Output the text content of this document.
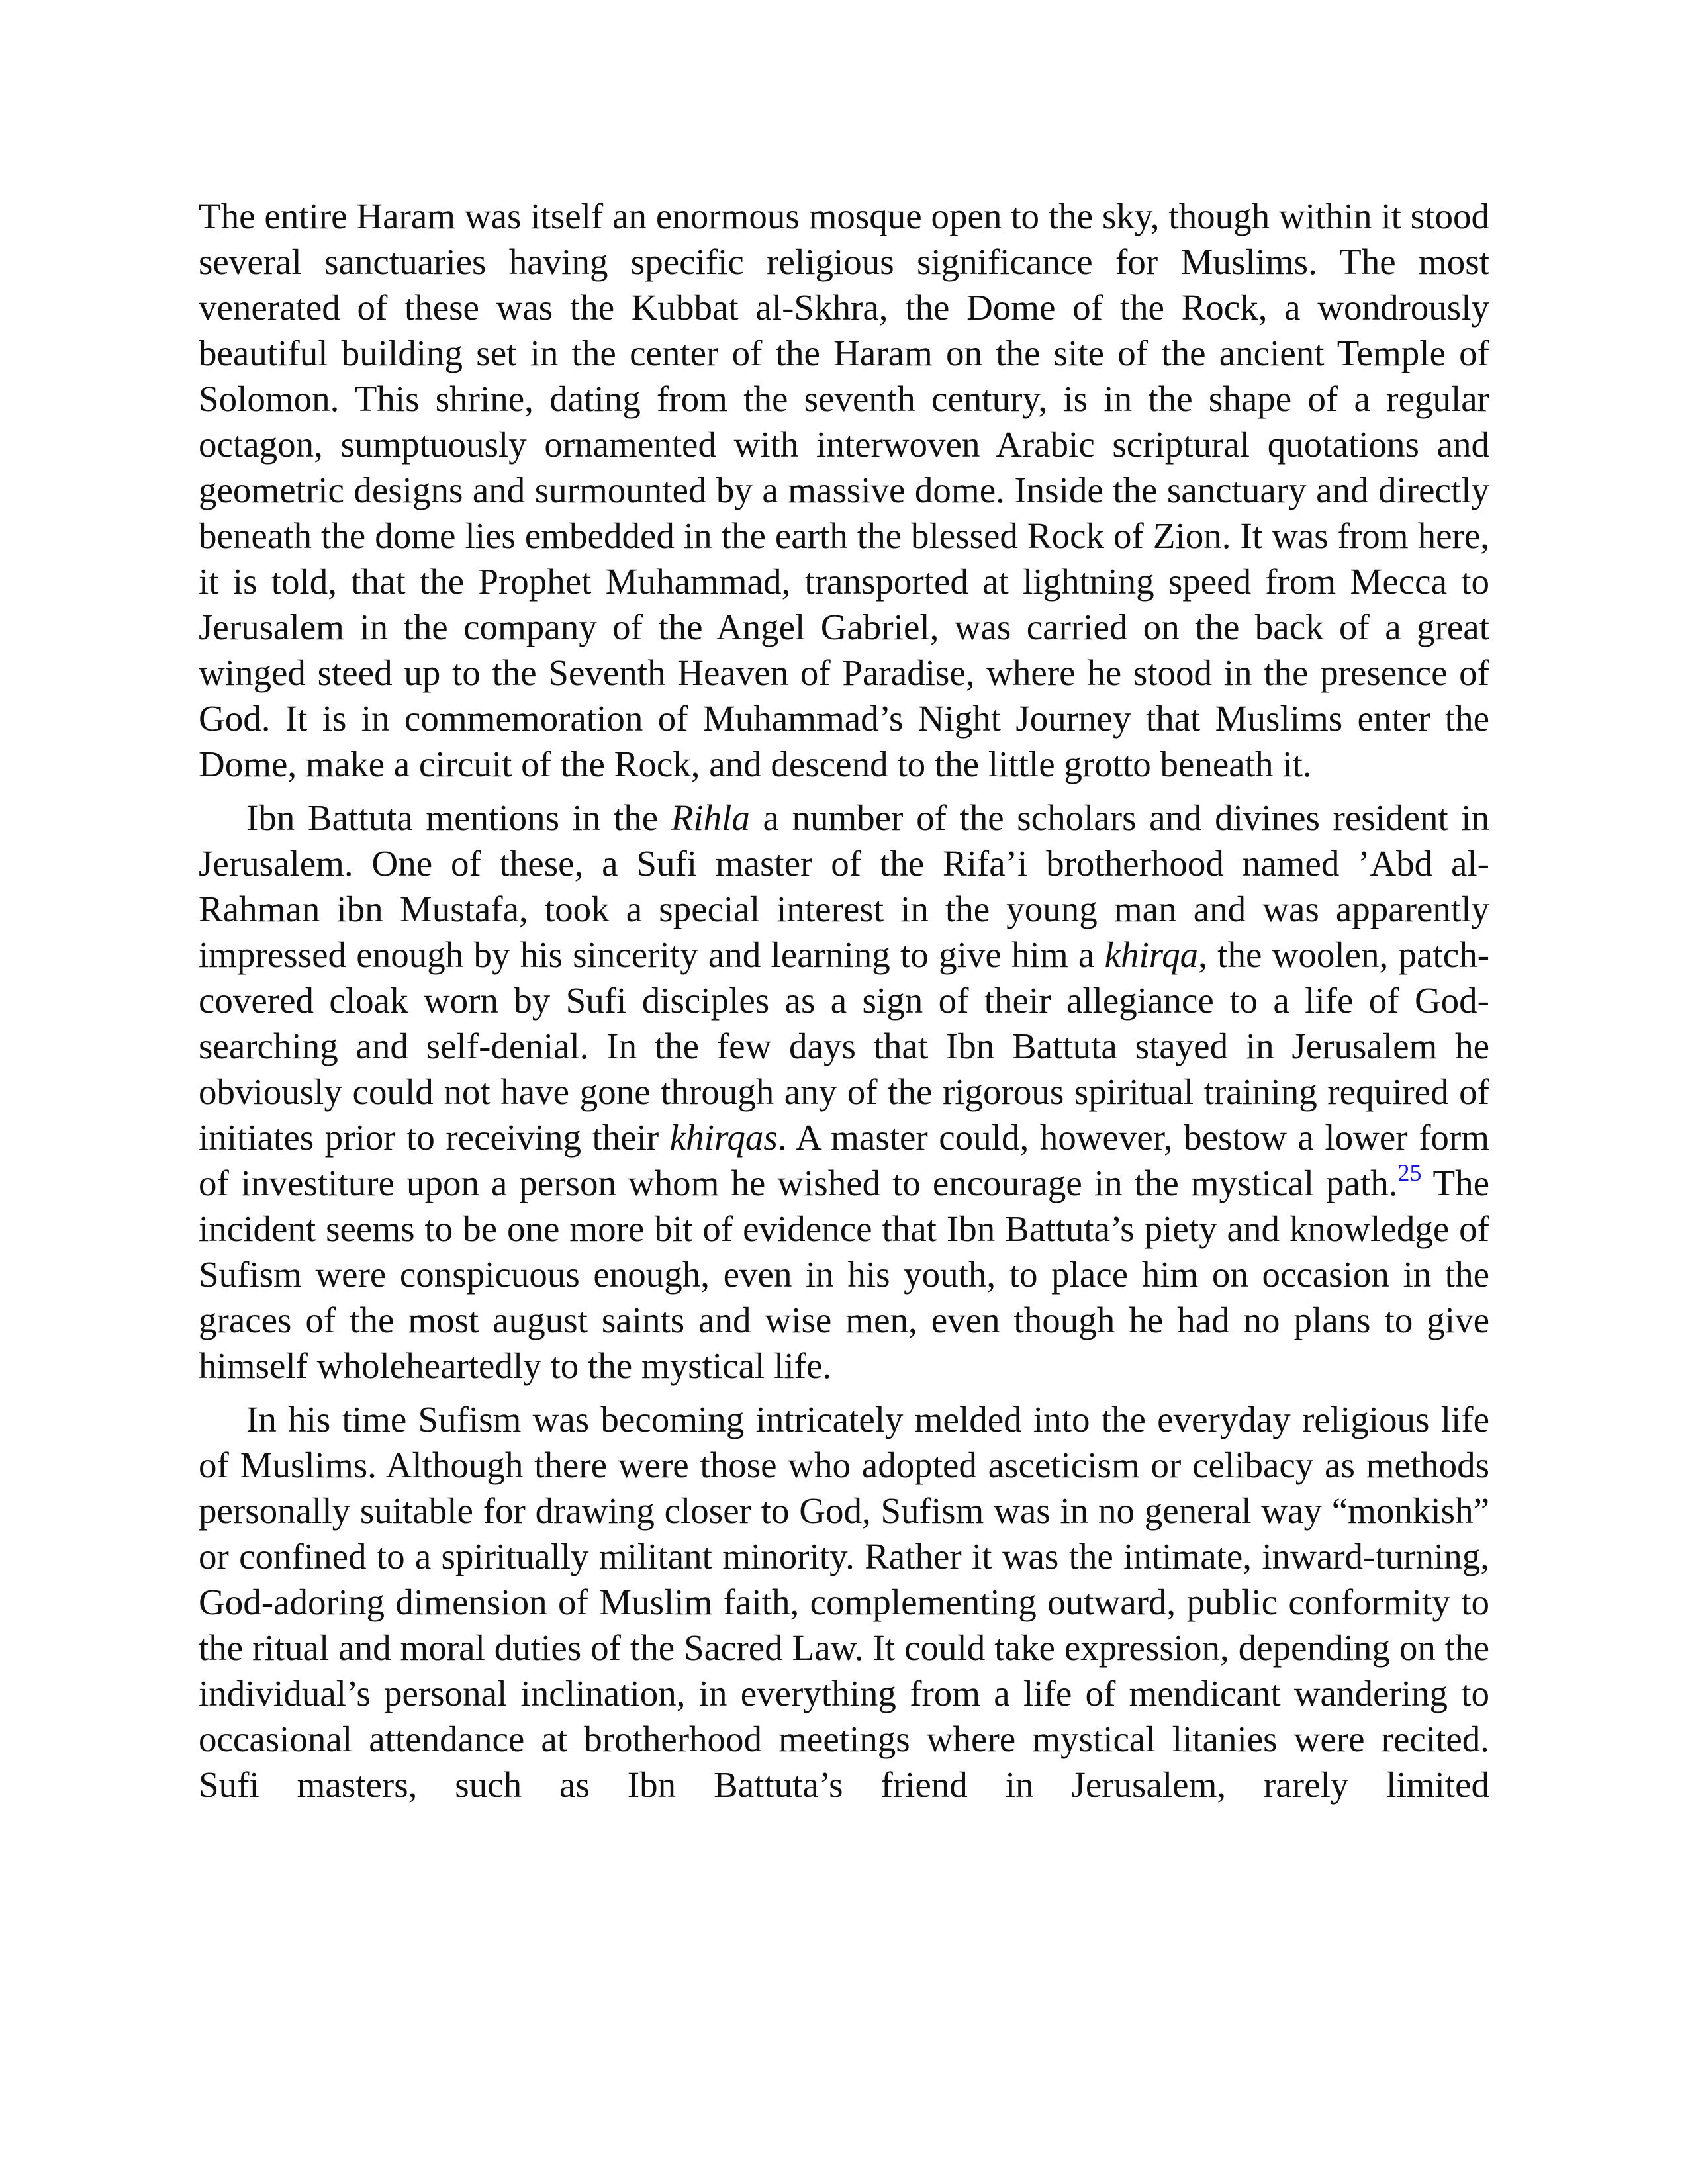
The entire Haram was itself an enormous mosque open to the sky, though within it stood several sanctuaries having specific religious significance for Muslims. The most venerated of these was the Kubbat al-Skhra, the Dome of the Rock, a wondrously beautiful building set in the center of the Haram on the site of the ancient Temple of Solomon. This shrine, dating from the seventh century, is in the shape of a regular octagon, sumptuously ornamented with interwoven Arabic scriptural quotations and geometric designs and surmounted by a massive dome. Inside the sanctuary and directly beneath the dome lies embedded in the earth the blessed Rock of Zion. It was from here, it is told, that the Prophet Muhammad, transported at lightning speed from Mecca to Jerusalem in the company of the Angel Gabriel, was carried on the back of a great winged steed up to the Seventh Heaven of Paradise, where he stood in the presence of God. It is in commemoration of Muhammad’s Night Journey that Muslims enter the Dome, make a circuit of the Rock, and descend to the little grotto beneath it.

Ibn Battuta mentions in the Rihla a number of the scholars and divines resident in Jerusalem. One of these, a Sufi master of the Rifa’i brotherhood named ’Abd al-Rahman ibn Mustafa, took a special interest in the young man and was apparently impressed enough by his sincerity and learning to give him a khirqa, the woolen, patch-covered cloak worn by Sufi disciples as a sign of their allegiance to a life of God-searching and self-denial. In the few days that Ibn Battuta stayed in Jerusalem he obviously could not have gone through any of the rigorous spiritual training required of initiates prior to receiving their khirqas. A master could, however, bestow a lower form of investiture upon a person whom he wished to encourage in the mystical path.$^{25}$ The incident seems to be one more bit of evidence that Ibn Battuta’s piety and knowledge of Sufism were conspicuous enough, even in his youth, to place him on occasion in the graces of the most august saints and wise men, even though he had no plans to give himself wholeheartedly to the mystical life.

In his time Sufism was becoming intricately melded into the everyday religious life of Muslims. Although there were those who adopted asceticism or celibacy as methods personally suitable for drawing closer to God, Sufism was in no general way “monkish” or confined to a spiritually militant minority. Rather it was the intimate, inward-turning, God-adoring dimension of Muslim faith, complementing outward, public conformity to the ritual and moral duties of the Sacred Law. It could take expression, depending on the individual’s personal inclination, in everything from a life of mendicant wandering to occasional attendance at brotherhood meetings where mystical litanies were recited. Sufi masters, such as Ibn Battuta’s friend in Jerusalem, rarely limited
